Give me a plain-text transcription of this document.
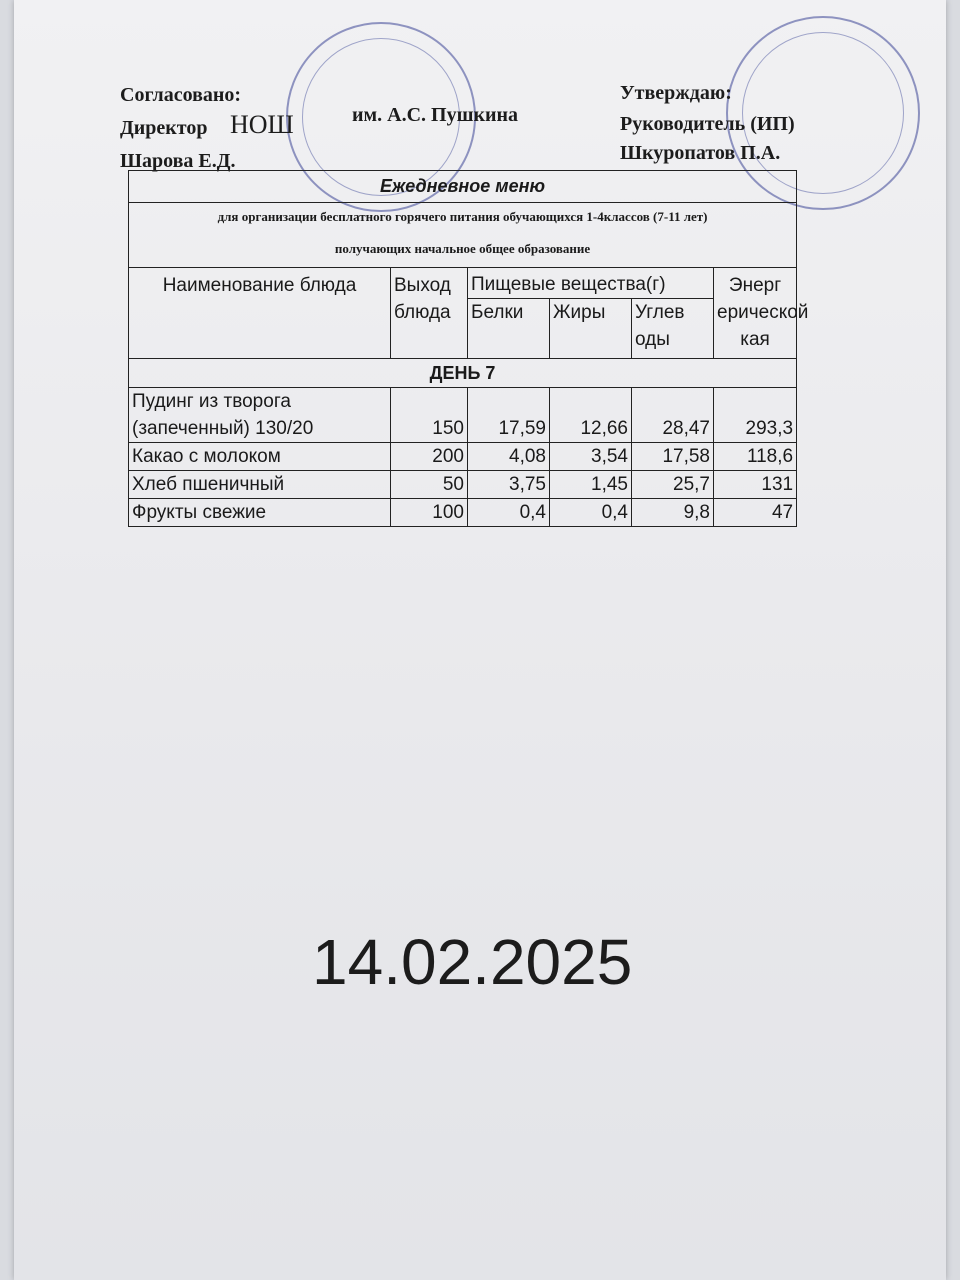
Согласовано:
Директор НОШ	им. А.С. Пушкина
Шарова Е.Д.
Утверждаю:
Руководитель (ИП)
Шкуропатов П.А.
Ежедневное меню					

для организации бесплатного горячего питания обучающихся 1-4классов (7-11 лет)
получающих начальное общее образование					

Наименование блюда	Выход блюда	Пищевые вещества(г)			Энерг ерической кая
		Белки	Жиры	Углев оды	
ДЕНЬ 7					
Пудинг из творога
(запеченный) 130/20	150	17,59	12,66	28,47	293,3
Какао с молоком	200	4,08	3,54	17,58	118,6
Хлеб пшеничный	50	3,75	1,45	25,7	131
Фрукты свежие	100	0,4	0,4	9,8	47
14.02.2025
